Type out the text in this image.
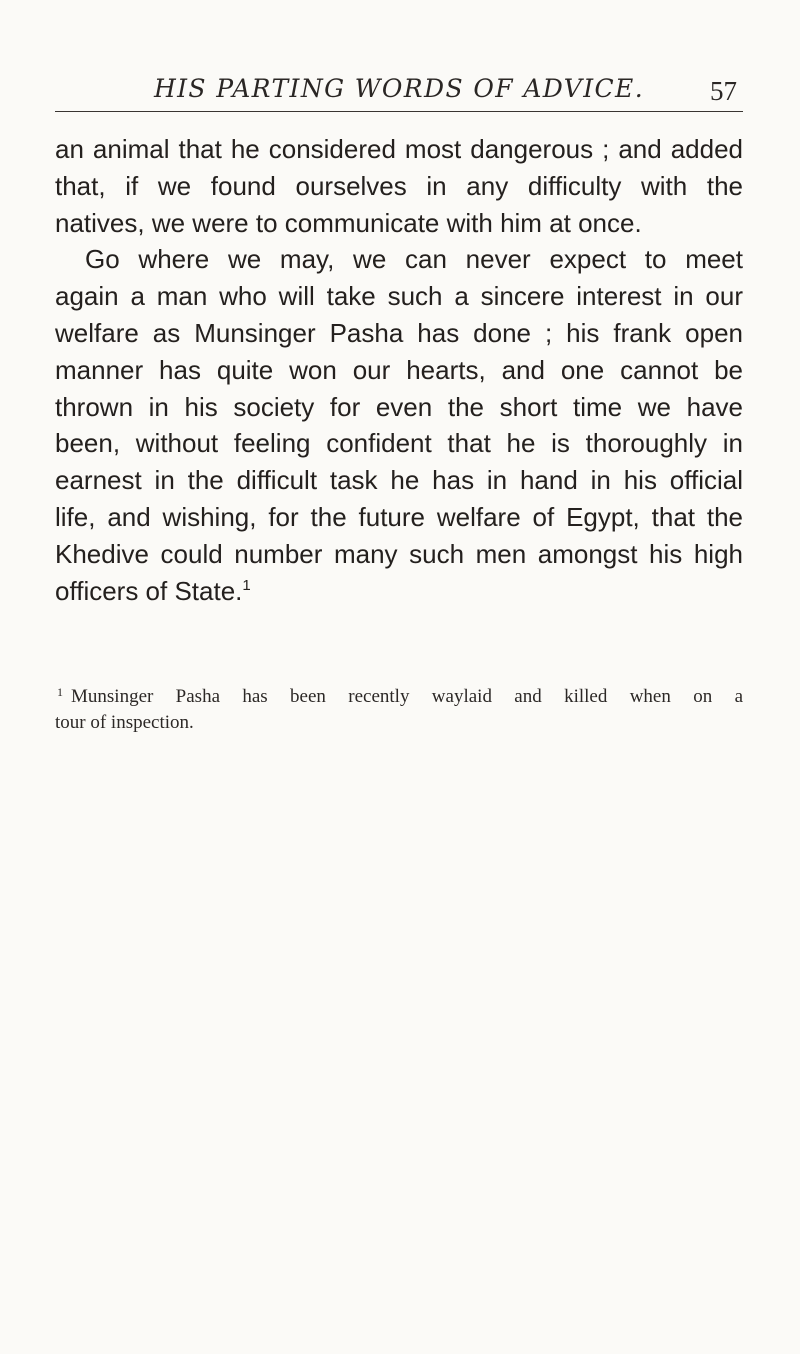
HIS PARTING WORDS OF ADVICE.	57
an animal that he considered most dangerous ; and added
that, if we found ourselves in any difficulty with the
natives, we were to communicate with him at once.
Go where we may, we can never expect to meet
again a man who will take such a sincere interest in our
welfare as Munsinger Pasha has done ; his frank open
manner has quite won our hearts, and one cannot be
thrown in his society for even the short time we have
been, without feeling confident that he is thoroughly in
earnest in the difficult task he has in hand in his official
life, and wishing, for the future welfare of Egypt, that the
Khedive could number many such men amongst his high
officers of State.$^1$
$^1$ Munsinger Pasha has been recently waylaid and killed when on a
tour of inspection.
